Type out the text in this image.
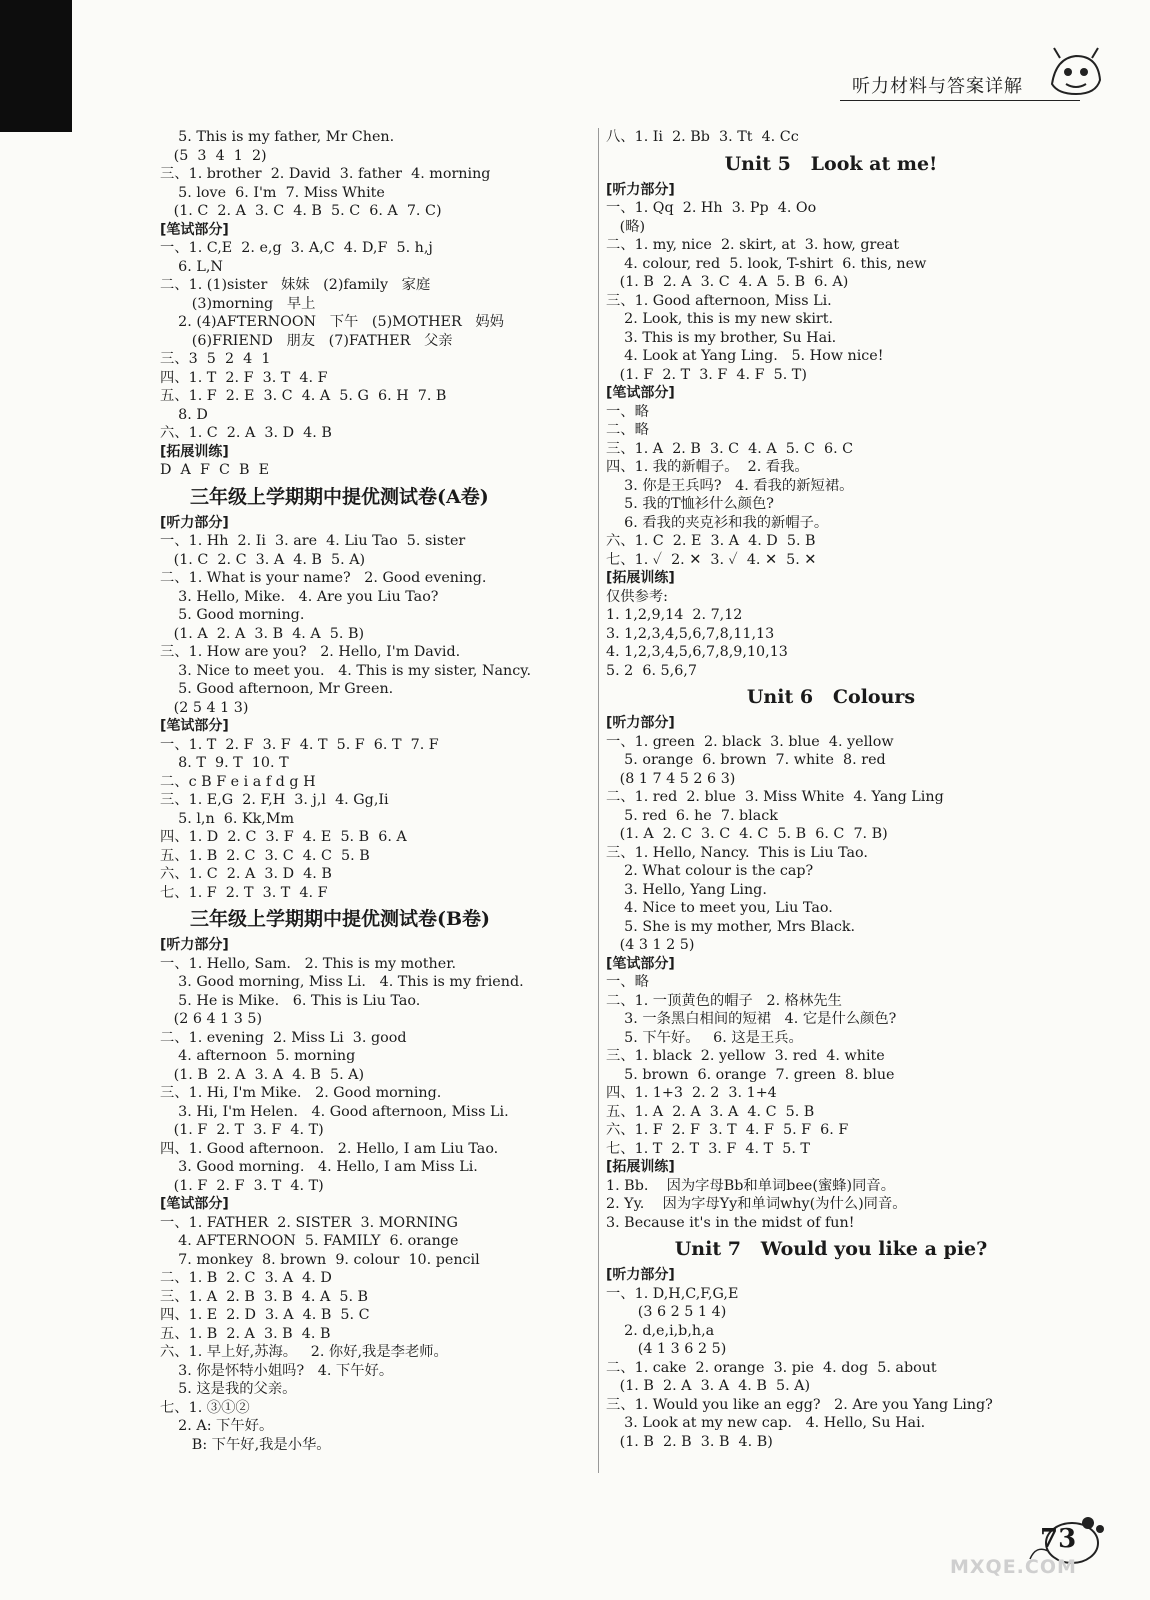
听力材料与答案详解
5. This is my father, Mr Chen.
(5  3  4  1  2)
三、1. brother  2. David  3. father  4. morning
5. love  6. I'm  7. Miss White
(1. C  2. A  3. C  4. B  5. C  6. A  7. C)
[笔试部分]
一、1. C,E  2. e,g  3. A,C  4. D,F  5. h,j
6. L,N
二、1. (1)sister   妹妹   (2)family   家庭
(3)morning   早上
2. (4)AFTERNOON   下午   (5)MOTHER   妈妈
(6)FRIEND   朋友   (7)FATHER   父亲
三、3  5  2  4  1
四、1. T  2. F  3. T  4. F
五、1. F  2. E  3. C  4. A  5. G  6. H  7. B
8. D
六、1. C  2. A  3. D  4. B
[拓展训练]
D  A  F  C  B  E
三年级上学期期中提优测试卷(A卷)
[听力部分]
一、1. Hh  2. Ii  3. are  4. Liu Tao  5. sister
(1. C  2. C  3. A  4. B  5. A)
二、1. What is your name?   2. Good evening.
3. Hello, Mike.   4. Are you Liu Tao?
5. Good morning.
(1. A  2. A  3. B  4. A  5. B)
三、1. How are you?   2. Hello, I'm David.
3. Nice to meet you.   4. This is my sister, Nancy.
5. Good afternoon, Mr Green.
(2 5 4 1 3)
[笔试部分]
一、1. T  2. F  3. F  4. T  5. F  6. T  7. F
8. T  9. T  10. T
二、c B F e i a f d g H
三、1. E,G  2. F,H  3. j,l  4. Gg,Ii
5. l,n  6. Kk,Mm
四、1. D  2. C  3. F  4. E  5. B  6. A
五、1. B  2. C  3. C  4. C  5. B
六、1. C  2. A  3. D  4. B
七、1. F  2. T  3. T  4. F
三年级上学期期中提优测试卷(B卷)
[听力部分]
一、1. Hello, Sam.   2. This is my mother.
3. Good morning, Miss Li.   4. This is my friend.
5. He is Mike.   6. This is Liu Tao.
(2 6 4 1 3 5)
二、1. evening  2. Miss Li  3. good
4. afternoon  5. morning
(1. B  2. A  3. A  4. B  5. A)
三、1. Hi, I'm Mike.   2. Good morning.
3. Hi, I'm Helen.   4. Good afternoon, Miss Li.
(1. F  2. T  3. F  4. T)
四、1. Good afternoon.   2. Hello, I am Liu Tao.
3. Good morning.   4. Hello, I am Miss Li.
(1. F  2. F  3. T  4. T)
[笔试部分]
一、1. FATHER  2. SISTER  3. MORNING
4. AFTERNOON  5. FAMILY  6. orange
7. monkey  8. brown  9. colour  10. pencil
二、1. B  2. C  3. A  4. D
三、1. A  2. B  3. B  4. A  5. B
四、1. E  2. D  3. A  4. B  5. C
五、1. B  2. A  3. B  4. B
六、1. 早上好,苏海。   2. 你好,我是李老师。
3. 你是怀特小姐吗?   4. 下午好。
5. 这是我的父亲。
七、1. ③①②
2. A: 下午好。
B: 下午好,我是小华。
八、1. Ii  2. Bb  3. Tt  4. Cc
Unit 5   Look at me!
[听力部分]
一、1. Qq  2. Hh  3. Pp  4. Oo
(略)
二、1. my, nice  2. skirt, at  3. how, great
4. colour, red  5. look, T-shirt  6. this, new
(1. B  2. A  3. C  4. A  5. B  6. A)
三、1. Good afternoon, Miss Li.
2. Look, this is my new skirt.
3. This is my brother, Su Hai.
4. Look at Yang Ling.   5. How nice!
(1. F  2. T  3. F  4. F  5. T)
[笔试部分]
一、略
二、略
三、1. A  2. B  3. C  4. A  5. C  6. C
四、1. 我的新帽子。  2. 看我。
3. 你是王兵吗?   4. 看我的新短裙。
5. 我的T恤衫什么颜色?
6. 看我的夹克衫和我的新帽子。
六、1. C  2. E  3. A  4. D  5. B
七、1. ✓  2. ✕  3. ✓  4. ✕  5. ✕
[拓展训练]
仅供参考:
1. 1,2,9,14  2. 7,12
3. 1,2,3,4,5,6,7,8,11,13
4. 1,2,3,4,5,6,7,8,9,10,13
5. 2  6. 5,6,7
Unit 6   Colours
[听力部分]
一、1. green  2. black  3. blue  4. yellow
5. orange  6. brown  7. white  8. red
(8 1 7 4 5 2 6 3)
二、1. red  2. blue  3. Miss White  4. Yang Ling
5. red  6. he  7. black
(1. A  2. C  3. C  4. C  5. B  6. C  7. B)
三、1. Hello, Nancy.  This is Liu Tao.
2. What colour is the cap?
3. Hello, Yang Ling.
4. Nice to meet you, Liu Tao.
5. She is my mother, Mrs Black.
(4 3 1 2 5)
[笔试部分]
一、略
二、1. 一顶黄色的帽子   2. 格林先生
3. 一条黑白相间的短裙   4. 它是什么颜色?
5. 下午好。   6. 这是王兵。
三、1. black  2. yellow  3. red  4. white
5. brown  6. orange  7. green  8. blue
四、1. 1+3  2. 2  3. 1+4
五、1. A  2. A  3. A  4. C  5. B
六、1. F  2. F  3. T  4. F  5. F  6. F
七、1. T  2. T  3. F  4. T  5. T
[拓展训练]
1. Bb.    因为字母Bb和单词bee(蜜蜂)同音。
2. Yy.    因为字母Yy和单词why(为什么)同音。
3. Because it's in the midst of fun!
Unit 7   Would you like a pie?
[听力部分]
一、1. D,H,C,F,G,E
(3 6 2 5 1 4)
2. d,e,i,b,h,a
(4 1 3 6 2 5)
二、1. cake  2. orange  3. pie  4. dog  5. about
(1. B  2. A  3. A  4. B  5. A)
三、1. Would you like an egg?   2. Are you Yang Ling?
3. Look at my new cap.   4. Hello, Su Hai.
(1. B  2. B  3. B  4. B)
73
MXQE.COM
